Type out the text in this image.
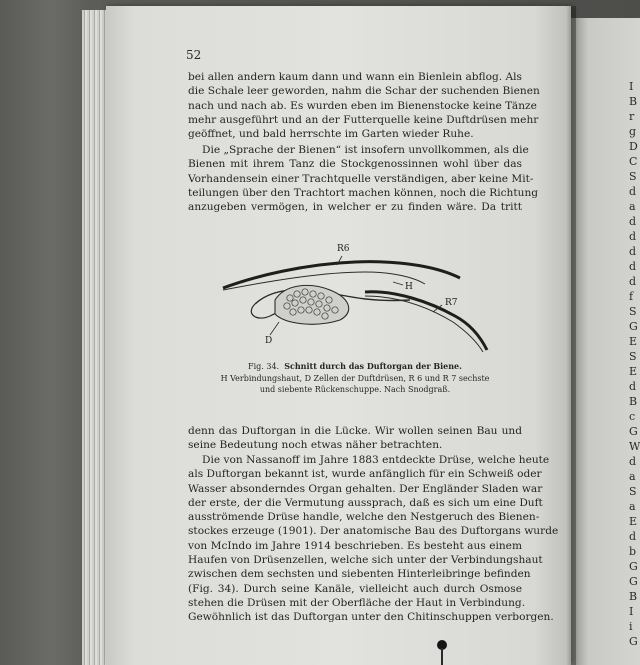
I
B
r
g
D
C
S
d
a
d
d
d
d
d
f
S
G
E
S
E
d
B
c
G
W
d
a
S
a
E
d
b
G
G
B
I
i
G
52
bei allen andern kaum dann und wann ein Bienlein abflog. Als
die Schale leer geworden, nahm die Schar der suchenden Bienen
nach und nach ab. Es wurden eben im Bienenstocke keine Tänze
mehr ausgeführt und an der Futterquelle keine Duftdrüsen mehr
geöffnet, und bald herrschte im Garten wieder Ruhe.
Die „Sprache der Bienen“ ist insofern unvollkommen, als die
Bienen mit ihrem Tanz die Stockgenossinnen wohl über das
Vorhandensein einer Trachtquelle verständigen, aber keine Mit-
teilungen über den Trachtort machen können, noch die Richtung
anzugeben vermögen, in welcher er zu finden wäre. Da tritt
R6
H
R7
D
Fig. 34. Schnitt durch das Duftorgan der Biene.
H Verbindungshaut, D Zellen der Duftdrüsen, R 6 und R 7 sechste
und siebente Rückenschuppe. Nach Snodgraß.
denn das Duftorgan in die Lücke. Wir wollen seinen Bau und
seine Bedeutung noch etwas näher betrachten.
Die von Nassanoff im Jahre 1883 entdeckte Drüse, welche heute
als Duftorgan bekannt ist, wurde anfänglich für ein Schweiß oder
Wasser absonderndes Organ gehalten. Der Engländer Sladen war
der erste, der die Vermutung aussprach, daß es sich um eine Duft
ausströmende Drüse handle, welche den Nestgeruch des Bienen-
stockes erzeuge (1901). Der anatomische Bau des Duftorgans wurde
von McIndo im Jahre 1914 beschrieben. Es besteht aus einem
Haufen von Drüsenzellen, welche sich unter der Verbindungshaut
zwischen dem sechsten und siebenten Hinterleibringe befinden
(Fig. 34). Durch seine Kanäle, vielleicht auch durch Osmose
stehen die Drüsen mit der Oberfläche der Haut in Verbindung.
Gewöhnlich ist das Duftorgan unter den Chitinschuppen verborgen.
